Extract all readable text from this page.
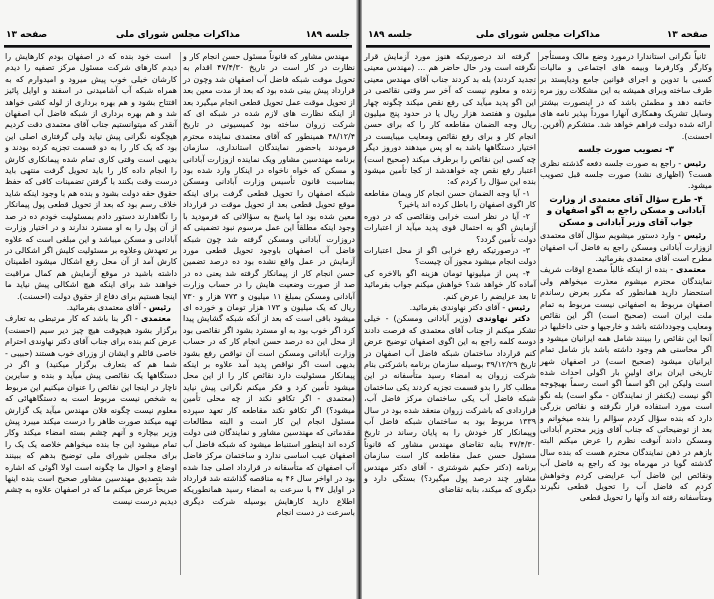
جلسه ۱۸۹
مذاکرات مجلس شورای ملی
صفحه ۱۳

مهندس مشاور که قانوناً مسئول حسن انجام کار و نظارت در کار است در تاریخ ۴۷/۴/۳۰ اقدام به تحویل موقت شبکه فاضل آب اصفهان شد وچون در قرارداد پیش بینی شده بود که بعد از مدت معین بعد از تحویل موقت عمل تحویل قطعی انجام میگیرد بعد از اینکه نظارت های لازم شده در شبکه ای که شرکت زروان ساخته بود کمیسیونی در تاریخ ۴۸/۱۲/۴ همینطور که آقای معتمدی نماینده محترم فرمودند باحضور نمایندگان استانداری، سازمان برنامه مهندسین مشاور ویک نماینده ازوزارت آبادانی و مسکن که خواه ناخواه در اینکار وارد شده بود بمناسبت قانون تأسیس وزارت آبادانی ومسکن شبکه اصفهان را تحویل قطعی گرفت برای اینکه موقع تحویل قطعی بعد از تحویل موقت در قرارداد معین شده بود اما پاسخ به سؤالاتی که فرمودید با وجود اینکه مطلقاً این عمل مرسوم نبود تضمینی که دروزارت آبادانی ومسکن گرفته شد چون شبکه فاضل آب اصفهان باوجود تحویل قطعی مورد آزمایش در عمل واقع نشده بود ده درصد تضمین حسن انجام کار از پیمانکار گرفته شد یعنی ده در صد از صورت وضعیت هایش را در حساب وزارت آبادانی ومسکن بمبلغ ۱۱ میلیون و ۷۷۳ هزار و ۷۳۰ ریال که یک میلیون و ۱۷۳ هزار تومان و خورده ای میشود باقی است که بعد از آنکه شبکه گشایش پیدا کرد اگر خوب بود به او مسترد بشود اگر نقائصی بود از محل این ده درصد حسن انجام کار که در حساب وزارت آبادانی ومسکن است آن نواقص رفع بشود بدیهی است اگر نواقص پدید آمد علاوه بر اینکه پیمانکار مسئولیت دارد نقائص کار را از این محل میشود تأمین کرد و فکر میکنم نگرانی پیش نیاید (معتمدی - اگر تکافو نکند از چه محلی تأمین میشود؟) اگر تکافو نکند مقاطعه کار تعهد سپرده مسئول انجام این کار است و البته مطالعات مقدماتی که مهندسین مشاور و نمایندگان فنی دولت کرده اند اینطور استنباط میشود که شبکه فاضل آب اصفهان عیب اساسی ندارد و ساختمان مرکز فاضل آب اصفهان که متأسفانه در قرارداد اصلی جدا شده بود در اواخر سال ۴۶ به مناقصه گذاشته شد قرارداد در اوایل ۴۷ با سرعت به امضاء رسید همانطوریکه اطلاع دارید کارهایش بوسیله شرکت دیگری باسرعت در دست انجام

است خود بنده که در اصفهان بودم کارهایش را دیدم کارهای شرکت مسئول مرکز تصفیه را دیدم کارشان خیلی خوب پیش میرود و امیدوارم که به همراه شبکه آب آشامیدنی در اسفند و اوایل پائیز افتتاح بشود و هم بهره برداری از لوله کشی خواهد شد و هم بهره برداری از شبکه فاضل آب اصفهان آنقدر که میتوانستیم جناب آقای معتمدی دقت کردیم هیچگونه نگرانی پیش نیاید ولی گرفتاری اصلی این بود که یک کار را به دو قسمت تجزیه کرده بودند و بدیهی است وقتی کاری تمام شده پیمانکاری کارش را انجام داده کار را باید تحویل گرفت منتهی باید درست وقت بکنند با گرفتن تضمینات کافی که حفظ حقوق حقه دولت بشود و بنده هم با وجود اینکه شاید خلاف رسم بود که بعد از تحویل قطعی پول پیمانکار را نگاهدارند دستور دادم بمسئولیت خودم ده در صد از آن پول را به او مسترد ندارند و در اختیار وزارت آبادانی و مسکن میباشد و این مبلغی است که علاوه بر تعهدش وعلاوه بر مسئولیت کلیش اگر اشکالی در کارش آمد از آن محل رفع اشکال میشود اطمینان داشته باشید در موقع آزمایش هم کمال مراقبت خواهند شد برای اینکه هیچ اشکالی پیش نیاید ما اینجا هستیم برای دفاع از حقوق دولت (احسنت).

رئیس - آقای معتمدی بفرمائید.

معتمدی - اگر بنا باشد که کار مرتبطی به تعارف برگزار بشود هیچوقت هیچ چیز دیر سیم (احسنت) عرض کنم بنده برای جناب آقای دکتر نهاوندی احترام خاصی قائلم و ایشان از وزرای خوب هستند (حبیبی - شما هم که بتعارف برگزار میکنید) و اگر در دستگاهها یک نقائصی پیش میآید و بنده و سایرین ناچار در اینجا این نقائص را عنوان میکنیم این مربوط به شخص نیست مربوط است به دستگاههائی که معلوم نیست چگونه فلان مهندس میآید یک گزارش تهیه میکند صورت ظاهر را درست میکند میبرد پیش وزیر بیچاره و آنهم چشم بسته امضاء میکند وکار تمام میشود این جا بنده میخواهم خلاصه یک یک را برای مجلس شورای ملی توضیح بدهم که ببینند اوضاع و احوال ما چگونه است اولا اگوئی که اشاره شد بتصدیق مهندسین مشاور صحیح است بنده اینها صریحاً عرض میکنم ما که در اصفهان علاوه به چشم دیدیم درست نیست

صفحه ۱۳
مذاکرات مجلس شورای ملی
جلسه ۱۸۹

ثانیاً نگرانی استاندارا درمورد وضع مالک ومستأجر وکارگر وکارفرما وبیمه های اجتماعی و مالیات کسبی با تدوین و اجرای قوانین جامع ودیاپستد بر طرف ساخته وبرای همیشه به این مشکلات روز مره خاتمه دهد و مطمئن باشد که در اینصورت بیشتر وسایل تشریک وهمکاری آنهارا مورداً بپذیر نامه های ارائه شده دولت فراهم خواهد شد. متشکرم (آفرین. احسنت).

۳- تصویب صورت جلسه

رئیس - راجع به صورت جلسه دفعه گذشته نظری هست؟ (اظهاری نشد) صورت جلسه قبل تصویب میشود.

۴- طرح سؤال آقای معتمدی از وزارت آبادانی و مسکن راجع به اگو اصفهان و جواب آقای وزیر آبادانی و مسکن

رئیس - وارد دستور میشویم سؤال آقای معتمدی ازوزارت آبادانی ومسکن راجع به فاضل آب اصفهان مطرح است آقای معتمدی بفرمائید.

معتمدی - بنده از اینکه غالباً مصدع اوقات شریف نمایندگان محترم میشوم معذرت میخواهم ولی استحضار دارید همانطور که مکرر بعرض رساندم اصفهان مربوط به اصفهانی نیست مربوط به تمام ملت ایران است (صحیح است) اگر این نقائص ومعایب وجودداشته باشد و خارجیها و حتی داخلیها در آنجا این نقائص را ببینند شامل همه ایرانیان میشود و اگر محاسنی هم وجود داشته باشد باز شامل تمام ایرانیان میشود (صحیح است) در اصفهان شهر تاریخی ایران برای اولین بار اگولی احداث شده است ولیکن این اگو اسماً اگو است رسماً بهیچوجه اگو نیست (یکنفر از نمایندگان - مگو است) بله نگو است مورد استفاده قرار نگرفته و نقائص بزرگی دارد که بنده سؤال کردم سؤالم را بنده میخوانم و بعد از توضیحاتی که جناب آقای وزیر محترم آبادانی ومسکن دادند آنوقت نظرم را عرض میکنم البته بازهم در ذهن نمایندگان محترم هست که بنده سال گذشته گویا در مهرماه بود که راجع به فاضل آب ونقائص این فاضل آب عرایضی کردم وخواهش کردم که فاضل آب را تحویل قطعی نگیرند ومتأسفانه رفته اند وآنها را تحویل قطعی

گرفته اند درصورتیکه هنوز مورد آزمایش قرار نگرفته است ودر حال حاضر هم ... (مهندس معینی تجدید کردند) بله بد کردند جناب آقای مهندس معینی زنده و معلوم نیست که آخر سر وقتی نقائصی در این اگو پدید میآید کی رفع نقص میکند چگونه چهار میلیون و هفتصد هزار ریال یا در حدود پنج میلیون ریال وجه الضمان مقاطعه کار را که برای حسن انجام کار و برای رفع نقائص ومعایب میبایست در اختیار دستگاهها باشد به او پس میدهند دوروز دیگر چه کسی این نقائص را برطرف میکند (صحیح است) اعتبار رفع نقص چه خواهدشد از کجا تأمین میشود بنده این سؤال را کردم که:

۱- آیا وجه الضمان حسن انجام کار ویمان مقاطعه کار اگوی اصفهان را باطل کرده اند یاخیر؟

۲- آیا در نظر است خرابی ونقائصی که در دوره آزمایش اگو به احتمال قوی پدید میآید از اعتبارات دولت تأمین گردد؟

۳- درصورتیکه رفع خرابی اگو از محل اعتبارات دولت انجام میشود مجوز آن چیست؟

۴- پس از میلیونها تومان هزینه اگو بالاخره کی آماده کار خواهد شد؟ خواهش میکنم جواب بفرمائید تا بعد عرایضم را عرض کنم.

رئیس - آقای دکتر نهاوندی بفرمائید.

دکتر نهاوندی (وزیر آبادانی ومسکن) - خیلی تشکر میکنم از جناب آقای معتمدی که فرصت دادند دوسه کلمه راجع به این اگوی اصفهان توضیح عرض کنم قرارداد ساختمان شبکه فاضل آب اصفهان در تاریخ ۳۹/۱۲/۲۹ بوسیله سازمان برنامه باشرکتی بنام شرکت زروان به امضاء رسید متأسفانه در این مطلب کار را بدو قسمت تجزیه کردند یکی ساختمان شبکه فاضل آب یکی ساختمان مرکز فاضل آب، قراردادی که باشرکت زروان منعقد شده بود در سال ۱۳۳۹ مربوط بود به ساختمان شبکه فاضل آب وپیمانکار کار خودش را به پایان رساند در تاریخ ۴۷/۴/۳۰ بنابه تقاضای مهندس مشاور که قانوناً مسئول حسن عمل مقاطعه کار است سازمان برنامه (دکتر حکیم شوشتری - آقای دکتر مهندس مشاور چند درصد پول میگیرد؟) بستگی دارد و دیگری که میکند، بنابه تقاضای
